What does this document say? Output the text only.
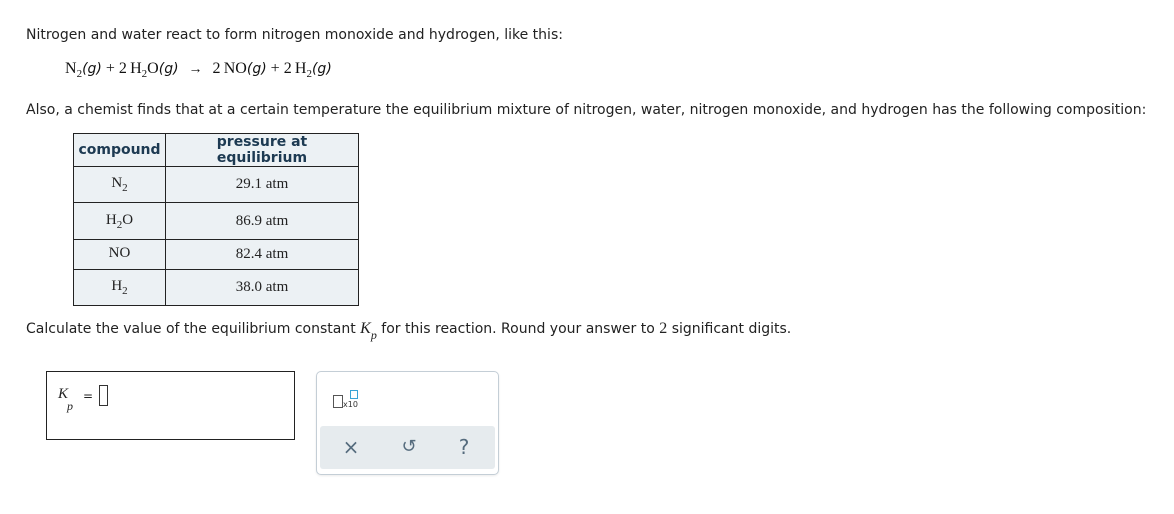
Nitrogen and water react to form nitrogen monoxide and hydrogen, like this:
$N_2(g) + 2$  $H_2O(g) \to 2$  NO(g) + 2  $H_2(g)$
Also, a chemist finds that at a certain temperature the equilibrium mixture of nitrogen, water, nitrogen monoxide, and hydrogen has the following composition:
compound	pressure at equilibrium
$N_2$	29.1 atm
$H_2O$	86.9 atm
NO	82.4 atm
$H_2$	38.0 atm
Calculate the value of the equilibrium constant Kp for this reaction. Round your answer to 2 significant digits.
K
p
=
x10
× ↺	?
